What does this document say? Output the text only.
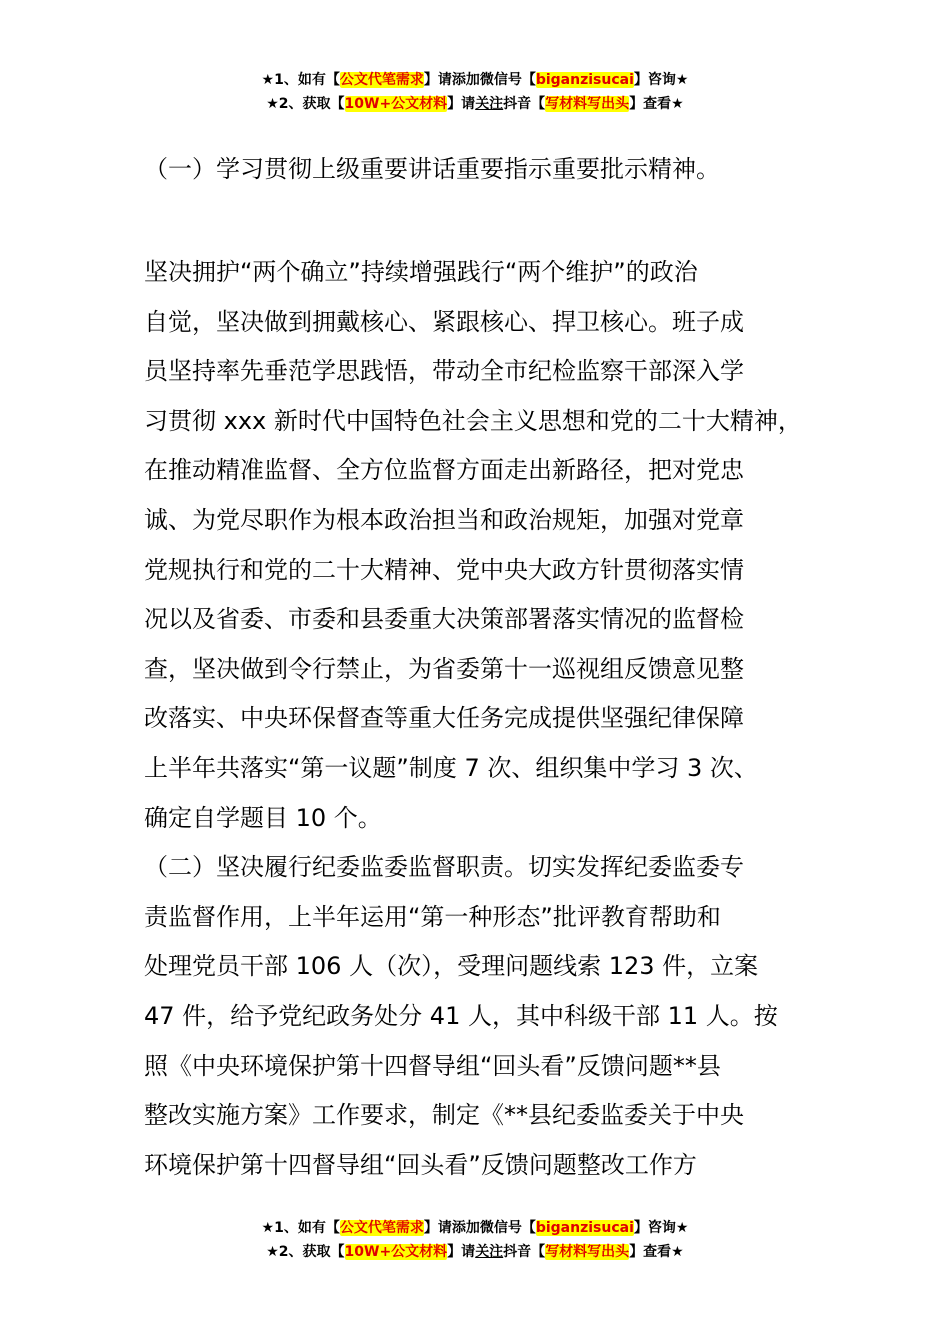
★1、如有【公文代笔需求】请添加微信号【biganzisucai】咨询★
★2、获取【10W+公文材料】请关注抖音【写材料写出头】查看★

（一）学习贯彻上级重要讲话重要指示重要批示精神。

坚决拥护“两个确立”持续增强践行“两个维护”的政治
自觉，坚决做到拥戴核心、紧跟核心、捍卫核心。班子成
员坚持率先垂范学思践悟，带动全市纪检监察干部深入学
习贯彻 xxx 新时代中国特色社会主义思想和党的二十大精神，
在推动精准监督、全方位监督方面走出新路径，把对党忠
诚、为党尽职作为根本政治担当和政治规矩，加强对党章
党规执行和党的二十大精神、党中央大政方针贯彻落实情
况以及省委、市委和县委重大决策部署落实情况的监督检
查，坚决做到令行禁止，为省委第十一巡视组反馈意见整
改落实、中央环保督查等重大任务完成提供坚强纪律保障
上半年共落实“第一议题”制度 7 次、组织集中学习 3 次、
确定自学题目 10 个。

（二）坚决履行纪委监委监督职责。切实发挥纪委监委专
责监督作用，上半年运用“第一种形态”批评教育帮助和
处理党员干部 106 人（次），受理问题线索 123 件，立案
47 件，给予党纪政务处分 41 人，其中科级干部 11 人。按
照《中央环境保护第十四督导组“回头看”反馈问题**县
整改实施方案》工作要求，制定《**县纪委监委关于中央
环境保护第十四督导组“回头看”反馈问题整改工作方

★1、如有【公文代笔需求】请添加微信号【biganzisucai】咨询★
★2、获取【10W+公文材料】请关注抖音【写材料写出头】查看★
